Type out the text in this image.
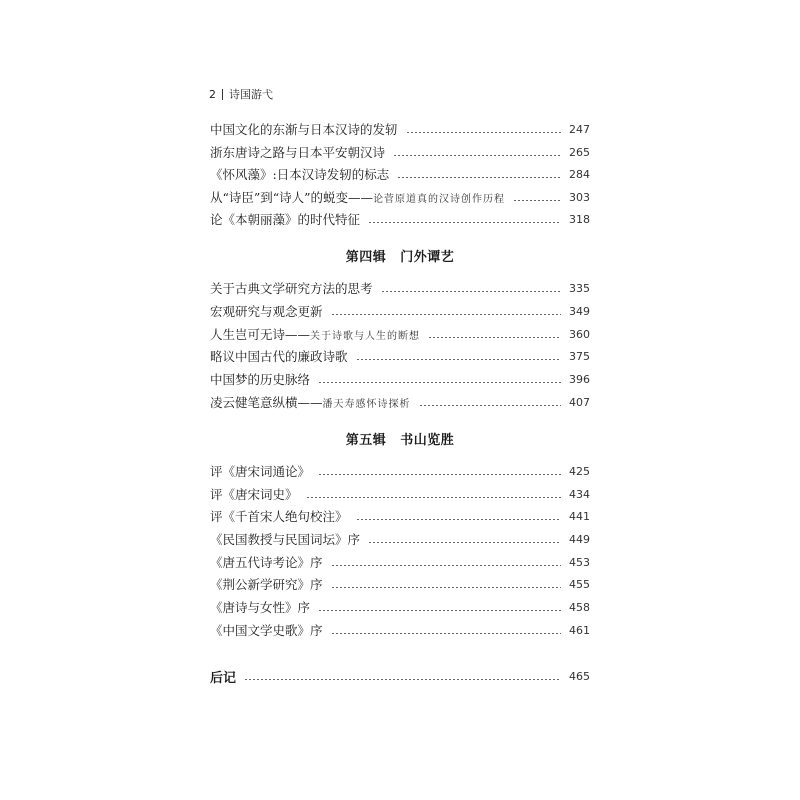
2 诗国游弋
中国文化的东渐与日本汉诗的发轫	247
浙东唐诗之路与日本平安朝汉诗	265
《怀风藻》:日本汉诗发轫的标志	284
从“诗臣”到“诗人”的蜕变—— 论菅原道真的汉诗创作历程	303
论《本朝丽藻》的时代特征	318
第四辑 门外谭艺
关于古典文学研究方法的思考	335
宏观研究与观念更新	349
人生岂可无诗—— 关于诗歌与人生的断想	360
略议中国古代的廉政诗歌	375
中国梦的历史脉络	396
凌云健笔意纵横—— 潘天寿感怀诗探析	407
第五辑 书山览胜
评《唐宋词通论》	425
评《唐宋词史》	434
评《千首宋人绝句校注》	441
《民国教授与民国词坛》序	449
《唐五代诗考论》序	453
《荆公新学研究》序	455
《唐诗与女性》序	458
《中国文学史歌》序	461
后记	465
